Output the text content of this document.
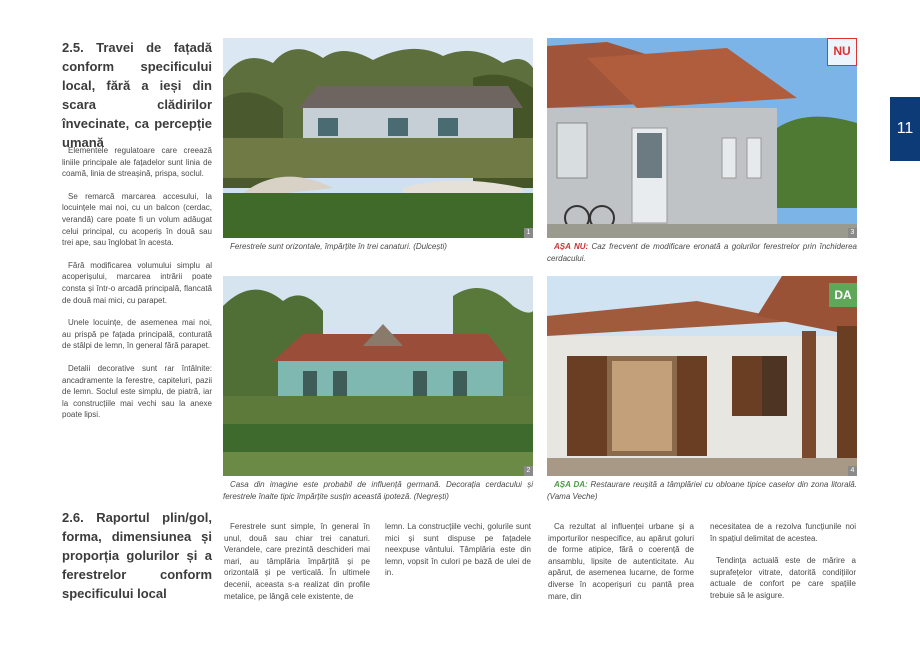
2.5. Travei de fațadă conform specificului local, fără a ieși din scara clădirilor învecinate, ca percepție umană

Elementele regulatoare care creează liniile principale ale fațadelor sunt linia de coamă, linia de streașină, prispa, soclul.

Se remarcă marcarea accesului, la locuințele mai noi, cu un balcon (cerdac, verandă) care poate fi un volum adăugat celui principal, cu acoperiș în două sau trei ape, sau înglobat în acesta.

Fără modificarea volumului simplu al acoperișului, marcarea intrării poate consta și într-o arcadă principală, flancată de două mai mici, cu parapet.

Unele locuințe, de asemenea mai noi, au prispă pe fațada principală, conturată de stâlpi de lemn, în general fără parapet.

Detalii decorative sunt rar întâlnite: ancadramente la ferestre, capiteluri, pazii de lemn. Soclul este simplu, de piatră, iar la construcțiile mai vechi sau la anexe poate lipsi.

2.6. Raportul plin/gol, forma, dimensiunea și proporția golurilor și a ferestrelor conform specificului local
1
Ferestrele sunt orizontale, împărțite în trei canaturi. (Dulcești)
2
Casa din imagine este probabil de influență germană. Decorația cerdacului și ferestrele înalte tipic împărțite susțin această ipoteză. (Negrești)
NU
3
AȘA NU: Caz frecvent de modificare eronată a golurilor ferestrelor prin închiderea cerdacului.
DA
4
AȘA DA: Restaurare reușită a tâmplăriei cu obloane tipice caselor din zona litorală. (Vama Veche)

Ferestrele sunt simple, în general în unul, două sau chiar trei canaturi. Verandele, care prezintă deschideri mai mari, au tâmplăria împărțită și pe orizontală și pe verticală. În ultimele decenii, aceasta s-a realizat din profile metalice, pe lângă cele existente, de

lemn. La construcțiile vechi, golurile sunt mici și sunt dispuse pe fațadele neexpuse vântului. Tâmplăria este din lemn, vopsit în culori pe bază de ulei de in.

Ca rezultat al influenței urbane și a importurilor nespecifice, au apărut goluri de forme atipice, fără o coerență de ansamblu, lipsite de autenticitate. Au apărut, de asemenea lucarne, de forme diverse în acoperișuri cu pantă prea mare, din

necesitatea de a rezolva funcțiunile noi în spațiul delimitat de acestea.

Tendința actuală este de mărire a suprafețelor vitrate, datorită condițiilor actuale de confort pe care spațiile trebuie să le asigure.

11
